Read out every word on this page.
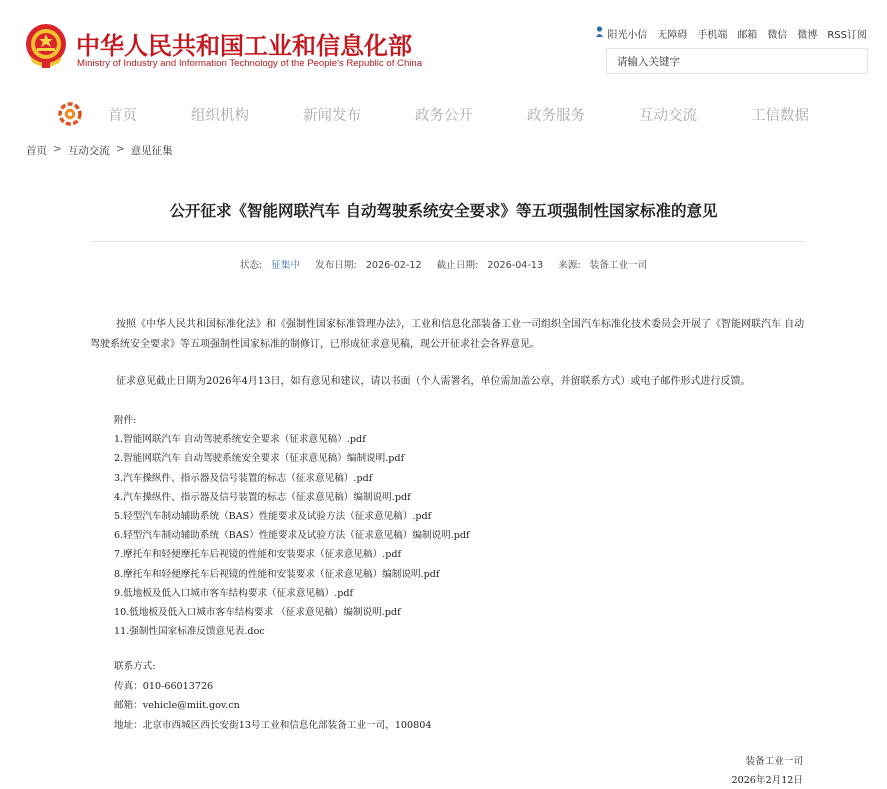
中华人民共和国工业和信息化部
Ministry of Industry and Information Technology of the People's Republic of China
阳光小信 无障碍 手机端 邮箱 微信 微博 RSS订阅
请输入关键字
首页	组织机构	新闻发布	政务公开	政务服务	互动交流	工信数据
首页 > 互动交流 > 意见征集
公开征求《智能网联汽车 自动驾驶系统安全要求》等五项强制性国家标准的意见
状态: 征集中 发布日期: 2026-02-12 截止日期: 2026-04-13 来源: 装备工业一司
按照《中华人民共和国标准化法》和《强制性国家标准管理办法》，工业和信息化部装备工业一司组织全国汽车标准化技术委员会开展了《智能网联汽车 自动驾驶系统安全要求》等五项强制性国家标准的制修订，已形成征求意见稿，现公开征求社会各界意见。
征求意见截止日期为2026年4月13日，如有意见和建议，请以书面（个人需署名，单位需加盖公章，并留联系方式）或电子邮件形式进行反馈。
附件:
1.智能网联汽车 自动驾驶系统安全要求（征求意见稿）.pdf
2.智能网联汽车 自动驾驶系统安全要求（征求意见稿）编制说明.pdf
3.汽车操纵件、指示器及信号装置的标志（征求意见稿）.pdf
4.汽车操纵件、指示器及信号装置的标志（征求意见稿）编制说明.pdf
5.轻型汽车制动辅助系统（BAS）性能要求及试验方法（征求意见稿）.pdf
6.轻型汽车制动辅助系统（BAS）性能要求及试验方法（征求意见稿）编制说明.pdf
7.摩托车和轻便摩托车后视镜的性能和安装要求（征求意见稿）.pdf
8.摩托车和轻便摩托车后视镜的性能和安装要求（征求意见稿）编制说明.pdf
9.低地板及低入口城市客车结构要求（征求意见稿）.pdf
10.低地板及低入口城市客车结构要求 （征求意见稿）编制说明.pdf
11.强制性国家标准反馈意见表.doc
联系方式:
传真：010-66013726
邮箱：vehicle@miit.gov.cn
地址：北京市西城区西长安街13号工业和信息化部装备工业一司，100804
装备工业一司
2026年2月12日
